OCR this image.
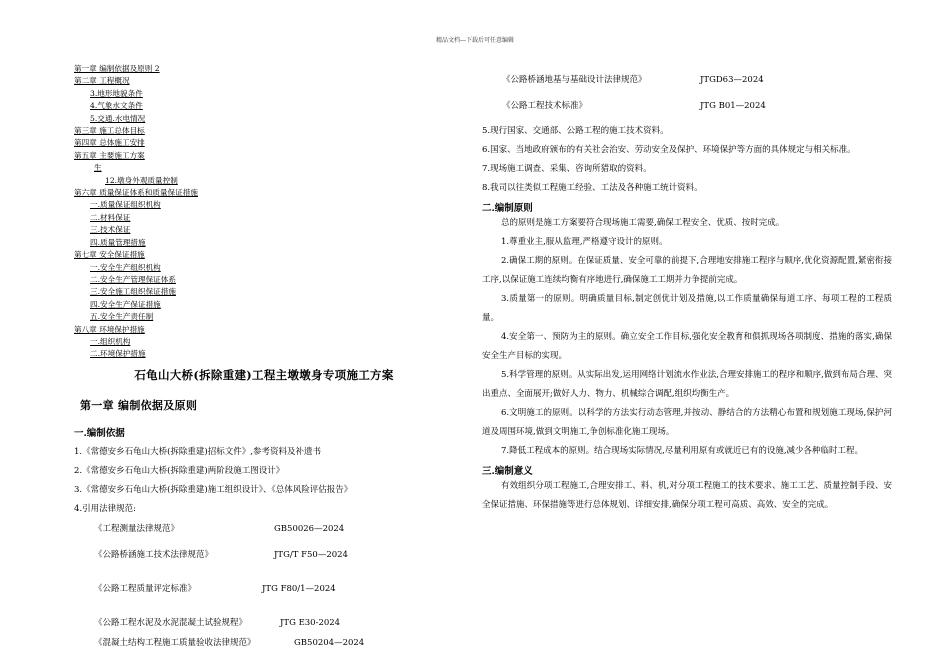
精品文档---下载后可任意编辑
第一章 编制依据及原则 2
第二章 工程概况
3.地形地貌条件
4.气象水文条件
5.交通.水电情况
第三章 施工总体目标
第四章 总体施工安排
第五章 主要施工方案
生
12.墩身外观质量控制
第六章 质量保证体系和质量保证措施
一.质量保证组织机构
二.材料保证
三.技术保证
四.质量管理措施
第七章 安全保证措施
一.安全生产组织机构
二.安全生产管理保证体系
三.安全施工组织保证措施
四.安全生产保证措施
五.安全生产责任制
第八章 环境保护措施
一.组织机构
二.环境保护措施
石龟山大桥(拆除重建)工程主墩墩身专项施工方案
第一章 编制依据及原则
一.编制依据
1.《常德安乡石龟山大桥(拆除重建)招标文件》,参考资料及补遗书
2.《常德安乡石龟山大桥(拆除重建)两阶段施工图设计》
3.《常德安乡石龟山大桥(拆除重建)施工组织设计》、《总体风险评估报告》
4.引用法律规范:
《工程测量法律规范》	GB50026—2024
《公路桥涵施工技术法律规范》	JTG/T F50—2024
《公路工程质量评定标准》	JTG F80/1—2024
《公路工程水泥及水泥混凝土试验规程》	JTG E30-2024
《混凝土结构工程施工质量验收法律规范》	GB50204—2024
《公路桥涵地基与基础设计法律规范》	JTGD63—2024
《公路工程技术标准》	JTG B01—2024
5.现行国家、交通部、公路工程的施工技术资料。
6.国家、当地政府颁布的有关社会治安、劳动安全及保护、环境保护等方面的具体规定与相关标准。
7.现场施工调查、采集、咨询所猎取的资料。
8.我司以往类似工程施工经验、工法及各种施工统计资料。
二.编制原则
总的原则是施工方案要符合现场施工需要,确保工程安全、优质、按时完成。
1.尊重业主,服从监理,严格遵守设计的原则。
2.确保工期的原则。在保证质量、安全可靠的前提下,合理地安排施工程序与顺序,优化资源配置,紧密衔接工序,以保证施工连续均衡有序地进行,确保施工工期并力争提前完成。
3.质量第一的原则。明确质量目标,制定创优计划及措施,以工作质量确保每道工序、每项工程的工程质量。
4.安全第一、预防为主的原则。确立安全工作目标,强化安全教育和俱抓现场各项制度、措施的落实,确保安全生产目标的实现。
5.科学管理的原则。从实际出发,运用网络计划流水作业法,合理安排施工的程序和顺序,做到布局合理、突出重点、全面展开;做好人力、物力、机械综合调配,组织均衡生产。
6.文明施工的原则。以科学的方法实行动态管理,并按动、静结合的方法精心布置和规划施工现场,保护河道及周围环境,做到文明施工,争创标准化施工现场。
7.降低工程成本的原则。结合现场实际情况,尽量利用原有或就近已有的设施,减少各种临时工程。
三.编制意义
有效组织分项工程施工,合理安排工、料、机,对分项工程施工的技术要求、施工工艺、质量控制手段、安全保证措施、环保措施等进行总体规划、详细安排,确保分项工程可高质、高效、安全的完成。
